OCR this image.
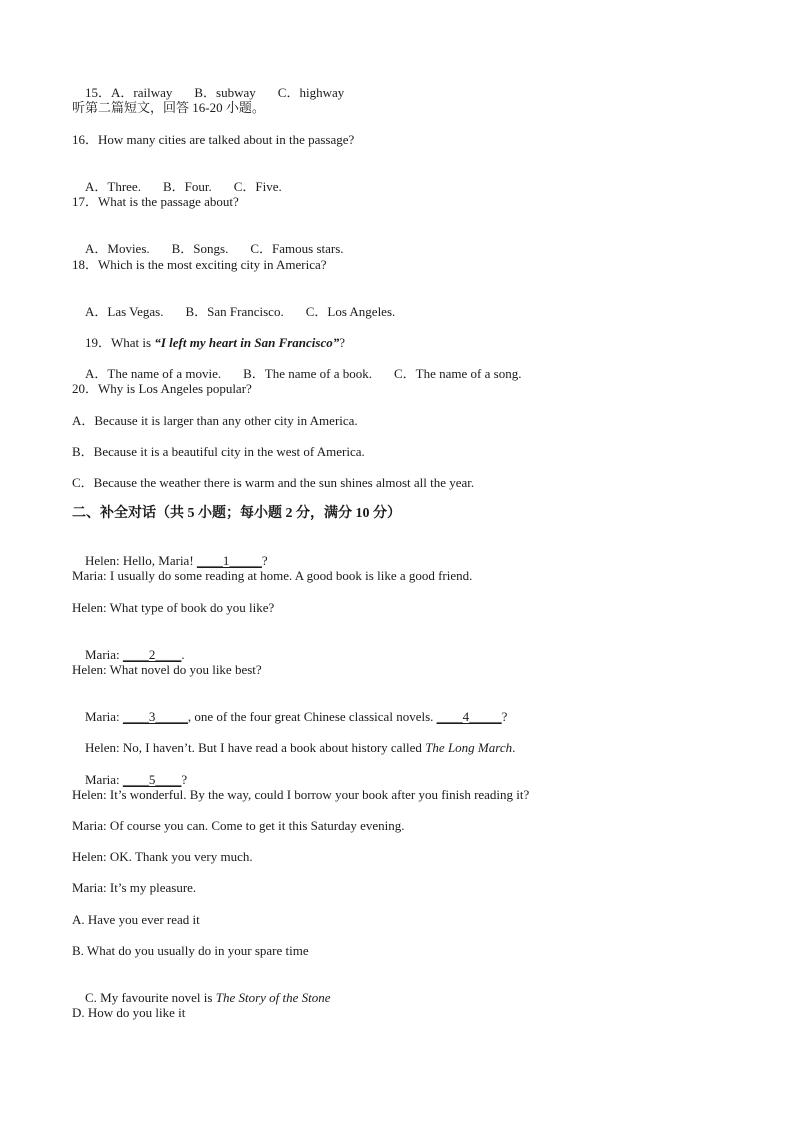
15．A．railway B．subway C．highway

听第二篇短文，回答 16-20 小题。
16．How many cities are talked about in the passage?

A．Three. B．Four. C．Five.

17．What is the passage about?

A．Movies. B．Songs. C．Famous stars.

18．Which is the most exciting city in America?

A．Las Vegas. B．San Francisco. C．Los Angeles.

19．What is “I left my heart in San Francisco”?

A．The name of a movie. B．The name of a book. C．The name of a song.

20．Why is Los Angeles popular?
A．Because it is larger than any other city in America.
B．Because it is a beautiful city in the west of America.
C．Because the weather there is warm and the sun shines almost all the year.
二、补全对话（共 5 小题；每小题 2 分，满分 10 分）

Helen: Hello, Maria! ____1_____?

Maria: I usually do some reading at home. A good book is like a good friend.
Helen: What type of book do you like?

Maria: ____2____.

Helen: What novel do you like best?

Maria: ____3_____, one of the four great Chinese classical novels. ____4_____?

Helen: No, I haven’t. But I have read a book about history called The Long March.

Maria: ____5____?

Helen: It’s wonderful. By the way, could I borrow your book after you finish reading it?
Maria: Of course you can. Come to get it this Saturday evening.
Helen: OK. Thank you very much.
Maria: It’s my pleasure.
A. Have you ever read it
B. What do you usually do in your spare time

C. My favourite novel is The Story of the Stone

D. How do you like it
